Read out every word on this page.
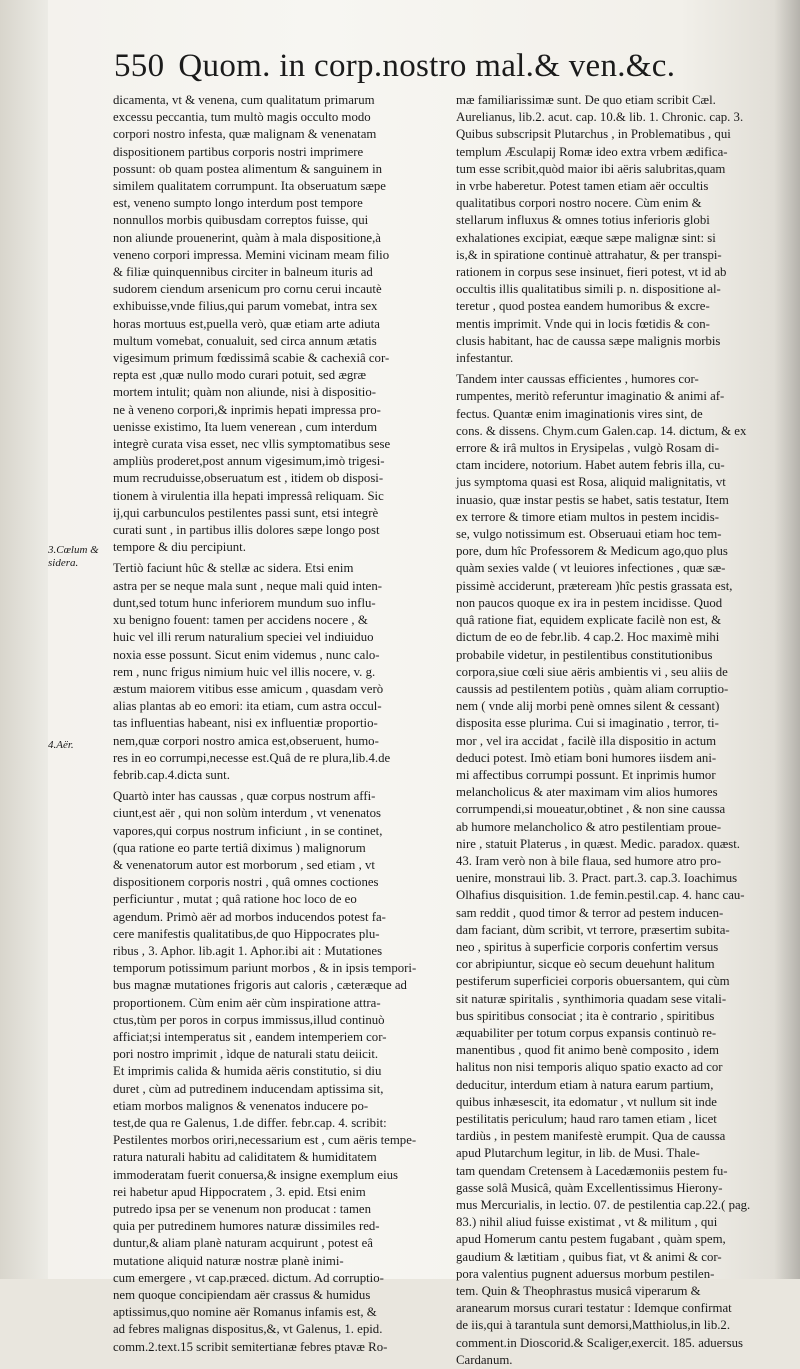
550 Quom. in corp.nostro mal.& ven.&c.
3.Cœlum &
sidera.
4.Aër.
dicamenta, vt & venena, cum qualitatum primarum
excessu peccantia, tum multò magis occulto modo
corpori nostro infesta, quæ malignam & venenatam
dispositionem partibus corporis nostri imprimere
possunt: ob quam postea alimentum & sanguinem in
similem qualitatem corrumpunt. Ita obseruatum sæpe
est, veneno sumpto longo interdum post tempore
nonnullos morbis quibusdam correptos fuisse, qui
non aliunde prouenerint, quàm à mala dispositione,à
veneno corpori impressa. Memini vicinam meam filio
& filiæ quinquennibus circiter in balneum ituris ad
sudorem ciendum arsenicum pro cornu cerui incautè
exhibuisse,vnde filius,qui parum vomebat, intra sex
horas mortuus est,puella verò, quæ etiam arte adiuta
multum vomebat, conualuit, sed circa annum ætatis
vigesimum primum fœdissimâ scabie & cachexiâ cor-
repta est ,quæ nullo modo curari potuit, sed ægræ
mortem intulit; quàm non aliunde, nisi à dispositio-
ne à veneno corpori,& inprimis hepati impressa pro-
uenisse existimo, Ita luem venerean , cum interdum
integrè curata visa esset, nec vllis symptomatibus sese
ampliùs proderet,post annum vigesimum,imò trigesi-
mum recruduisse,obseruatum est , itidem ob disposi-
tionem à virulentia illa hepati impressâ reliquam. Sic
ij,qui carbunculos pestilentes passi sunt, etsi integrè
curati sunt , in partibus illis dolores sæpe longo post
tempore & diu percipiunt.
Tertiò faciunt hûc & stellæ ac sidera. Etsi enim
astra per se neque mala sunt , neque mali quid inten-
dunt,sed totum hunc inferiorem mundum suo influ-
xu benigno fouent: tamen per accidens nocere , &
huic vel illi rerum naturalium speciei vel indiuiduo
noxia esse possunt. Sicut enim videmus , nunc calo-
rem , nunc frigus nimium huic vel illis nocere, v. g.
æstum maiorem vitibus esse amicum , quasdam verò
alias plantas ab eo emori: ita etiam, cum astra occul-
tas influentias habeant, nisi ex influentiæ proportio-
nem,quæ corpori nostro amica est,obseruent, humo-
res in eo corrumpi,necesse est.Quâ de re plura,lib.4.de
febrib.cap.4.dicta sunt.
Quartò inter has caussas , quæ corpus nostrum affi-
ciunt,est aër , qui non solùm interdum , vt venenatos
vapores,qui corpus nostrum inficiunt , in se continet,
(qua ratione eo parte tertiâ diximus ) malignorum
& venenatorum autor est morborum , sed etiam , vt
dispositionem corporis nostri , quâ omnes coctiones
perficiuntur , mutat ; quâ ratione hoc loco de eo
agendum. Primò aër ad morbos inducendos potest fa-
cere manifestis qualitatibus,de quo Hippocrates plu-
ribus , 3. Aphor. lib.agit 1. Aphor.ibi ait : Mutationes
temporum potissimum pariunt morbos , & in ipsis tempori-
bus magnæ mutationes frigoris aut caloris , cæteræque ad
proportionem. Cùm enim aër cùm inspiratione attra-
ctus,tùm per poros in corpus immissus,illud continuò
afficiat;si intemperatus sit , eandem intemperiem cor-
pori nostro imprimit , ìdque de naturali statu deiicit.
Et imprimis calida & humida aëris constitutio, si diu
duret , cùm ad putredinem inducendam aptissima sit,
etiam morbos malignos & venenatos inducere po-
test,de qua re Galenus, 1.de differ. febr.cap. 4. scribit:
Pestilentes morbos oriri,necessarium est , cum aëris tempe-
ratura naturali habitu ad caliditatem & humiditatem
immoderatam fuerit conuersa,& insigne exemplum eius
rei habetur apud Hippocratem , 3. epid. Etsi enim
putredo ipsa per se venenum non producat : tamen
quia per putredinem humores naturæ dissimiles red-
duntur,& aliam planè naturam acquirunt , potest eâ
mutatione aliquid naturæ nostræ planè inimi-
cum emergere , vt cap.præced. dictum. Ad corruptio-
nem quoque concipiendam aër crassus & humidus
aptissimus,quo nomine aër Romanus infamis est, &
ad febres malignas dispositus,&, vt Galenus, 1. epid.
comm.2.text.15 scribit semitertianæ febres ptavæ Ro-
mæ familiarissimæ sunt. De quo etiam scribit Cæl.
Aurelianus, lib.2. acut. cap. 10.& lib. 1. Chronic. cap. 3.
Quibus subscripsit Plutarchus , in Problematibus , qui
templum Æsculapij Romæ ideo extra vrbem ædifica-
tum esse scribit,quòd maior ibi aëris salubritas,quam
in vrbe haberetur. Potest tamen etiam aër occultis
qualitatibus corpori nostro nocere. Cùm enim &
stellarum influxus & omnes totius inferioris globi
exhalationes excipiat, eæque sæpe malignæ sint: si
is,& in spiratione continuè attrahatur, & per transpi-
rationem in corpus sese insinuet, fieri potest, vt id ab
occultis illis qualitatibus simili p. n. dispositione al-
teretur , quod postea eandem humoribus & excre-
mentis imprimit. Vnde qui in locis fœtidis & con-
clusis habitant, hac de caussa sæpe malignis morbis
infestantur.
Tandem inter caussas efficientes , humores cor-
rumpentes, meritò referuntur imaginatio & animi af-
fectus. Quantæ enim imaginationis vires sint, de
cons. & dissens. Chym.cum Galen.cap. 14. dictum, & ex
errore & irâ multos in Erysipelas , vulgò Rosam di-
ctam incidere, notorium. Habet autem febris illa, cu-
jus symptoma quasi est Rosa, aliquid malignitatis, vt
inuasio, quæ instar pestis se habet, satis testatur, Item
ex terrore & timore etiam multos in pestem incidis-
se, vulgo notissimum est. Obseruaui etiam hoc tem-
pore, dum hîc Professorem & Medicum ago,quo plus
quàm sexies valde ( vt leuiores infectiones , quæ sæ-
pissimè acciderunt, præteream )hîc pestis grassata est,
non paucos quoque ex ira in pestem incidisse. Quod
quâ ratione fiat, equidem explicate facilè non est, &
dictum de eo de febr.lib. 4 cap.2. Hoc maximè mihi
probabile videtur, in pestilentibus constitutionibus
corpora,siue cœli siue aëris ambientis vi , seu aliis de
caussis ad pestilentem potiùs , quàm aliam corruptio-
nem ( vnde alij morbi penè omnes silent & cessant)
disposita esse plurima. Cui si imaginatio , terror, ti-
mor , vel ira accidat , facilè illa dispositio in actum
deduci potest. Imò etiam boni humores iisdem ani-
mi affectibus corrumpi possunt. Et inprimis humor
melancholicus & ater maximam vim alios humores
corrumpendi,si moueatur,obtinet , & non sine caussa
ab humore melancholico & atro pestilentiam proue-
nire , statuit Platerus , in quæst. Medic. paradox. quæst.
43. Iram verò non à bile flaua, sed humore atro pro-
uenire, monstraui lib. 3. Pract. part.3. cap.3. Ioachimus
Olhafius disquisition. 1.de femin.pestil.cap. 4. hanc cau-
sam reddit , quod timor & terror ad pestem inducen-
dam faciant, dùm scribit, vt terrore, præsertim subita-
neo , spiritus à superficie corporis confertim versus
cor abripiuntur, sicque eò secum deuehunt halitum
pestiferum superficiei corporis obuersantem, qui cùm
sit naturæ spiritalis , synthimoria quadam sese vitali-
bus spiritibus consociat ; ita è contrario , spiritibus
æquabiliter per totum corpus expansis continuò re-
manentibus , quod fit animo benè composito , idem
halitus non nisi temporis aliquo spatio exacto ad cor
deducitur, interdum etiam à natura earum partium,
quibus inhæsescit, ita edomatur , vt nullum sit inde
pestilitatis periculum; haud raro tamen etiam , licet
tardiùs , in pestem manifestè erumpit. Qua de caussa
apud Plutarchum legitur, in lib. de Musi. Thale-
tam quendam Cretensem à Lacedæmoniis pestem fu-
gasse solâ Musicâ, quàm Excellentissimus Hierony-
mus Mercurialis, in lectio. 07. de pestilentia cap.22.( pag.
83.) nihil aliud fuisse existimat , vt & militum , qui
apud Homerum cantu pestem fugabant , quàm spem,
gaudium & lætitiam , quibus fiat, vt & animi & cor-
pora valentius pugnent aduersus morbum pestilen-
tem. Quin & Theophrastus musicâ viperarum &
aranearum morsus curari testatur : Idemque confirmat
de iis,qui à tarantula sunt demorsi,Matthiolus,in lib.2.
comment.in Dioscorid.& Scaliger,exercit. 185. aduersus
Cardanum.
